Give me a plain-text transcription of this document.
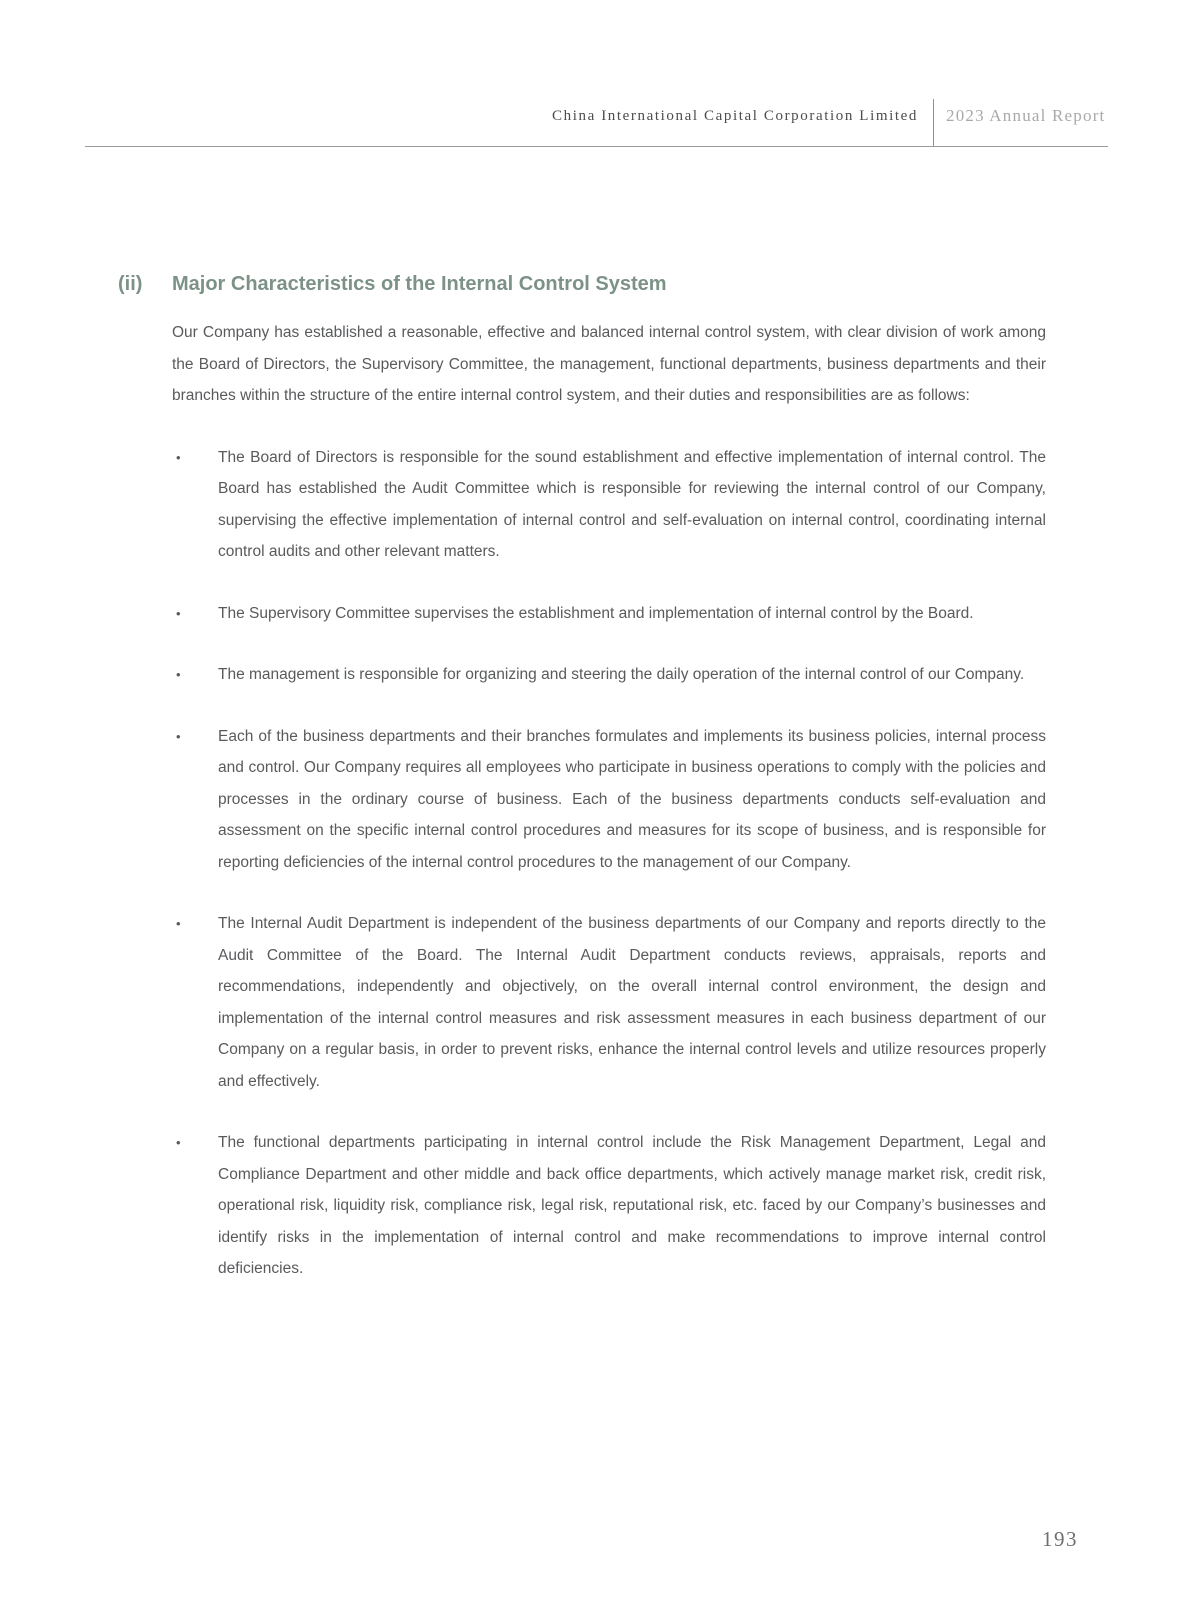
China International Capital Corporation Limited 2023 Annual Report
(ii)	Major Characteristics of the Internal Control System

Our Company has established a reasonable, effective and balanced internal control system, with clear division of work among the Board of Directors, the Supervisory Committee, the management, functional departments, business departments and their branches within the structure of the entire internal control system, and their duties and responsibilities are as follows:

• The Board of Directors is responsible for the sound establishment and effective implementation of internal control. The Board has established the Audit Committee which is responsible for reviewing the internal control of our Company, supervising the effective implementation of internal control and self-evaluation on internal control, coordinating internal control audits and other relevant matters.
• The Supervisory Committee supervises the establishment and implementation of internal control by the Board.
• The management is responsible for organizing and steering the daily operation of the internal control of our Company.
• Each of the business departments and their branches formulates and implements its business policies, internal process and control. Our Company requires all employees who participate in business operations to comply with the policies and processes in the ordinary course of business. Each of the business departments conducts self-evaluation and assessment on the specific internal control procedures and measures for its scope of business, and is responsible for reporting deficiencies of the internal control procedures to the management of our Company.
• The Internal Audit Department is independent of the business departments of our Company and reports directly to the Audit Committee of the Board. The Internal Audit Department conducts reviews, appraisals, reports and recommendations, independently and objectively, on the overall internal control environment, the design and implementation of the internal control measures and risk assessment measures in each business department of our Company on a regular basis, in order to prevent risks, enhance the internal control levels and utilize resources properly and effectively.
• The functional departments participating in internal control include the Risk Management Department, Legal and Compliance Department and other middle and back office departments, which actively manage market risk, credit risk, operational risk, liquidity risk, compliance risk, legal risk, reputational risk, etc. faced by our Company’s businesses and identify risks in the implementation of internal control and make recommendations to improve internal control deficiencies.
193
